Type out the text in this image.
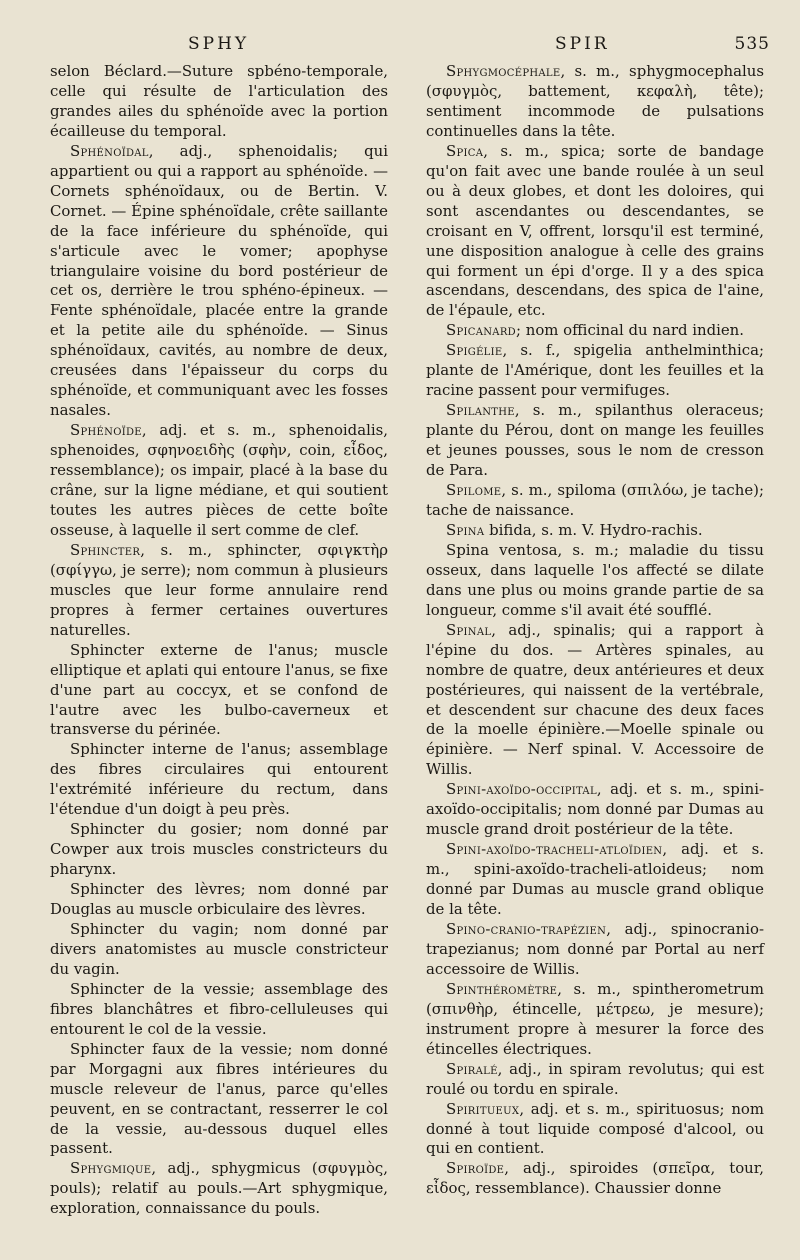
SPHY	SPIR	535

selon Béclard.—Suture spbéno-temporale, celle qui résulte de l'articulation des grandes ailes du sphénoïde avec la portion écailleuse du temporal.

Sphénoïdal, adj., sphenoidalis; qui appartient ou qui a rapport au sphénoïde. — Cornets sphénoïdaux, ou de Bertin. V. Cornet. — Épine sphénoïdale, crête saillante de la face inférieure du sphénoïde, qui s'articule avec le vomer; apophyse triangulaire voisine du bord postérieur de cet os, derrière le trou sphéno-épineux. —Fente sphénoïdale, placée entre la grande et la petite aile du sphénoïde. — Sinus sphénoïdaux, cavités, au nombre de deux, creusées dans l'épaisseur du corps du sphénoïde, et communiquant avec les fosses nasales.

Sphénoïde, adj. et s. m., sphenoidalis, sphenoides, σφηνοειδὴς (σφὴν, coin, εἶδος, ressemblance); os impair, placé à la base du crâne, sur la ligne médiane, et qui soutient toutes les autres pièces de cette boîte osseuse, à laquelle il sert comme de clef.

Sphincter, s. m., sphincter, σφιγκτὴρ (σφίγγω, je serre); nom commun à plusieurs muscles que leur forme annulaire rend propres à fermer certaines ouvertures naturelles.

Sphincter externe de l'anus; muscle elliptique et aplati qui entoure l'anus, se fixe d'une part au coccyx, et se confond de l'autre avec les bulbo-caverneux et transverse du périnée.

Sphincter interne de l'anus; assemblage des fibres circulaires qui entourent l'extrémité inférieure du rectum, dans l'étendue d'un doigt à peu près.

Sphincter du gosier; nom donné par Cowper aux trois muscles constricteurs du pharynx.

Sphincter des lèvres; nom donné par Douglas au muscle orbiculaire des lèvres.

Sphincter du vagin; nom donné par divers anatomistes au muscle constricteur du vagin.

Sphincter de la vessie; assemblage des fibres blanchâtres et fibro-celluleuses qui entourent le col de la vessie.

Sphincter faux de la vessie; nom donné par Morgagni aux fibres intérieures du muscle releveur de l'anus, parce qu'elles peuvent, en se contractant, resserrer le col de la vessie, au-dessous duquel elles passent.

Sphygmique, adj., sphygmicus (σφυγμὸς, pouls); relatif au pouls.—Art sphygmique, exploration, connaissance du pouls.

Sphygmocéphale, s. m., sphygmocephalus (σφυγμὸς, battement, κεφαλὴ, tête); sentiment incommode de pulsations continuelles dans la tête.

Spica, s. m., spica; sorte de bandage qu'on fait avec une bande roulée à un seul ou à deux globes, et dont les doloires, qui sont ascendantes ou descendantes, se croisant en V, offrent, lorsqu'il est terminé, une disposition analogue à celle des grains qui forment un épi d'orge. Il y a des spica ascendans, descendans, des spica de l'aine, de l'épaule, etc.

Spicanard; nom officinal du nard indien.

Spigélie, s. f., spigelia anthelminthica; plante de l'Amérique, dont les feuilles et la racine passent pour vermifuges.

Spilanthe, s. m., spilanthus oleraceus; plante du Pérou, dont on mange les feuilles et jeunes pousses, sous le nom de cresson de Para.

Spilome, s. m., spiloma (σπιλόω, je tache); tache de naissance.

Spina bifida, s. m. V. Hydro-rachis.

Spina ventosa, s. m.; maladie du tissu osseux, dans laquelle l'os affecté se dilate dans une plus ou moins grande partie de sa longueur, comme s'il avait été soufflé.

Spinal, adj., spinalis; qui a rapport à l'épine du dos. — Artères spinales, au nombre de quatre, deux antérieures et deux postérieures, qui naissent de la vertébrale, et descendent sur chacune des deux faces de la moelle épinière.—Moelle spinale ou épinière. — Nerf spinal. V. Accessoire de Willis.

Spini-axoïdo-occipital, adj. et s. m., spini-axoïdo-occipitalis; nom donné par Dumas au muscle grand droit postérieur de la tête.

Spini-axoïdo-tracheli-atloïdien, adj. et s. m., spini-axoïdo-tracheli-atloideus; nom donné par Dumas au muscle grand oblique de la tête.

Spino-cranio-trapézien, adj., spinocranio-trapezianus; nom donné par Portal au nerf accessoire de Willis.

Spinthéromètre, s. m., spintherometrum (σπινθὴρ, étincelle, μέτρεω, je mesure); instrument propre à mesurer la force des étincelles électriques.

Spiralé, adj., in spiram revolutus; qui est roulé ou tordu en spirale.

Spiritueux, adj. et s. m., spirituosus; nom donné à tout liquide composé d'alcool, ou qui en contient.

Spiroïde, adj., spiroides (σπεῖρα, tour, εἶδος, ressemblance). Chaussier donne
